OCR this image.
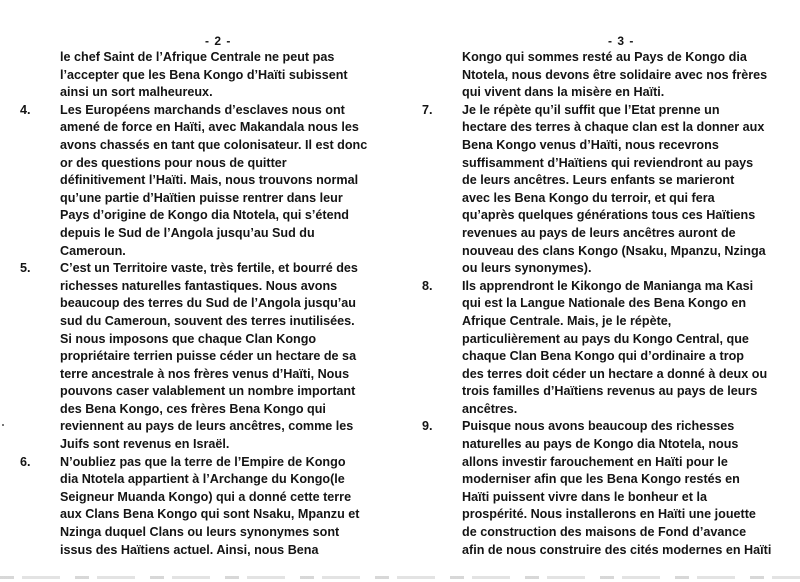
- 2 -

le chef Saint de l’Afrique Centrale ne peut pas
l’accepter que les Bena Kongo d’Haïti subissent
ainsi un sort malheureux.

4.	Les Européens marchands d’esclaves nous ont
amené de force en Haïti, avec Makandala nous les
avons chassés en tant que colonisateur. Il est donc
or des questions pour nous de quitter
définitivement l’Haïti. Mais, nous trouvons normal
qu’une partie d’Haïtien puisse rentrer dans leur
Pays d’origine de Kongo dia Ntotela, qui s’étend
depuis le Sud de l’Angola jusqu’au Sud du
Cameroun.

5.	C’est un Territoire vaste, très fertile, et bourré des
richesses naturelles fantastiques. Nous avons
beaucoup des terres du Sud de l’Angola jusqu’au
sud du Cameroun, souvent des terres inutilisées.
Si nous imposons que chaque Clan Kongo
propriétaire terrien puisse céder un hectare de sa
terre ancestrale à nos frères venus d’Haïti, Nous
pouvons caser valablement un nombre important
des Bena Kongo, ces frères Bena Kongo qui
reviennent au pays de leurs ancêtres, comme les
Juifs sont revenus en Israël.

6.	N’oubliez pas que la terre de l’Empire de Kongo
dia Ntotela appartient à l’Archange du Kongo(le
Seigneur Muanda Kongo) qui a donné cette terre
aux Clans Bena Kongo qui sont Nsaku, Mpanzu et
Nzinga duquel Clans ou leurs synonymes sont
issus des Haïtiens actuel. Ainsi, nous Bena

- 3 -

Kongo qui sommes resté au Pays de Kongo dia
Ntotela, nous devons être solidaire avec nos frères
qui vivent dans la misère en Haïti.

7.	Je le répète qu’il suffit que l’Etat prenne un
hectare des terres à chaque clan est la donner aux
Bena Kongo venus d’Haïti, nous recevrons
suffisamment d’Haïtiens qui reviendront au pays
de leurs ancêtres. Leurs enfants se marieront
avec les Bena Kongo du terroir, et qui fera
qu’après quelques générations tous ces Haïtiens
revenues au pays de leurs ancêtres auront de
nouveau des clans Kongo (Nsaku, Mpanzu, Nzinga
ou leurs synonymes).

8.	Ils apprendront le Kikongo de Manianga ma Kasi
qui est la Langue Nationale des Bena Kongo en
Afrique Centrale. Mais, je le répète,
particulièrement au pays du Kongo Central, que
chaque Clan Bena Kongo qui d’ordinaire a trop
des terres doit céder un hectare a donné à deux ou
trois familles d’Haïtiens revenus au pays de leurs
ancêtres.

9.	Puisque nous avons beaucoup des richesses
naturelles au pays de Kongo dia Ntotela, nous
allons investir farouchement en Haïti pour le
moderniser afin que les Bena Kongo restés en
Haïti puissent vivre dans le bonheur et la
prospérité. Nous installerons en Haïti une jouette
de construction des maisons de Fond d’avance
afin de nous construire des cités modernes en Haïti
